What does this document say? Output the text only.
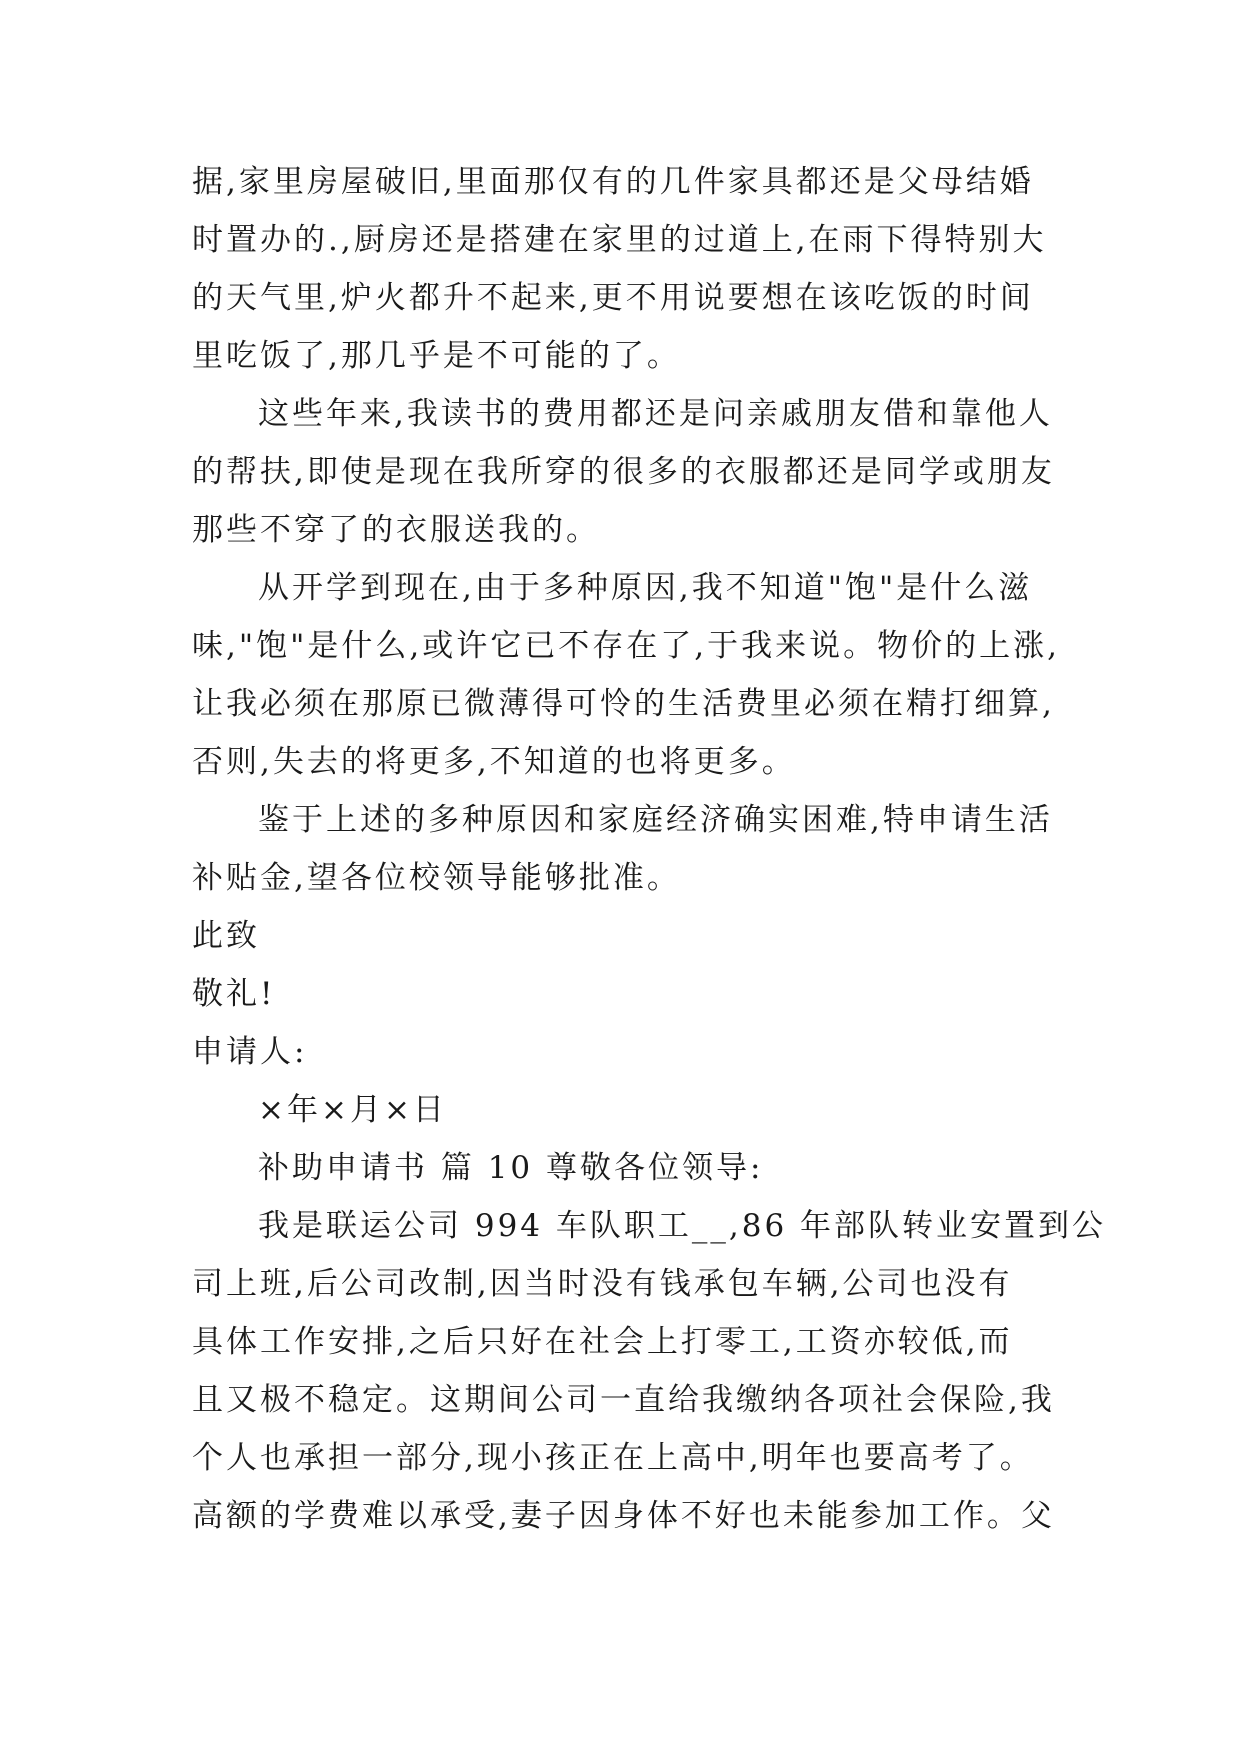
据,家里房屋破旧,里面那仅有的几件家具都还是父母结婚
时置办的.,厨房还是搭建在家里的过道上,在雨下得特别大
的天气里,炉火都升不起来,更不用说要想在该吃饭的时间
里吃饭了,那几乎是不可能的了。
这些年来,我读书的费用都还是问亲戚朋友借和靠他人
的帮扶,即使是现在我所穿的很多的衣服都还是同学或朋友
那些不穿了的衣服送我的。
从开学到现在,由于多种原因,我不知道"饱"是什么滋
味,"饱"是什么,或许它已不存在了,于我来说。物价的上涨,
让我必须在那原已微薄得可怜的生活费里必须在精打细算,
否则,失去的将更多,不知道的也将更多。
鉴于上述的多种原因和家庭经济确实困难,特申请生活
补贴金,望各位校领导能够批准。
此致
敬礼!
申请人:
×年×月×日
补助申请书 篇 10 尊敬各位领导:
我是联运公司 994 车队职工__,86 年部队转业安置到公
司上班,后公司改制,因当时没有钱承包车辆,公司也没有
具体工作安排,之后只好在社会上打零工,工资亦较低,而
且又极不稳定。这期间公司一直给我缴纳各项社会保险,我
个人也承担一部分,现小孩正在上高中,明年也要高考了。
高额的学费难以承受,妻子因身体不好也未能参加工作。父
